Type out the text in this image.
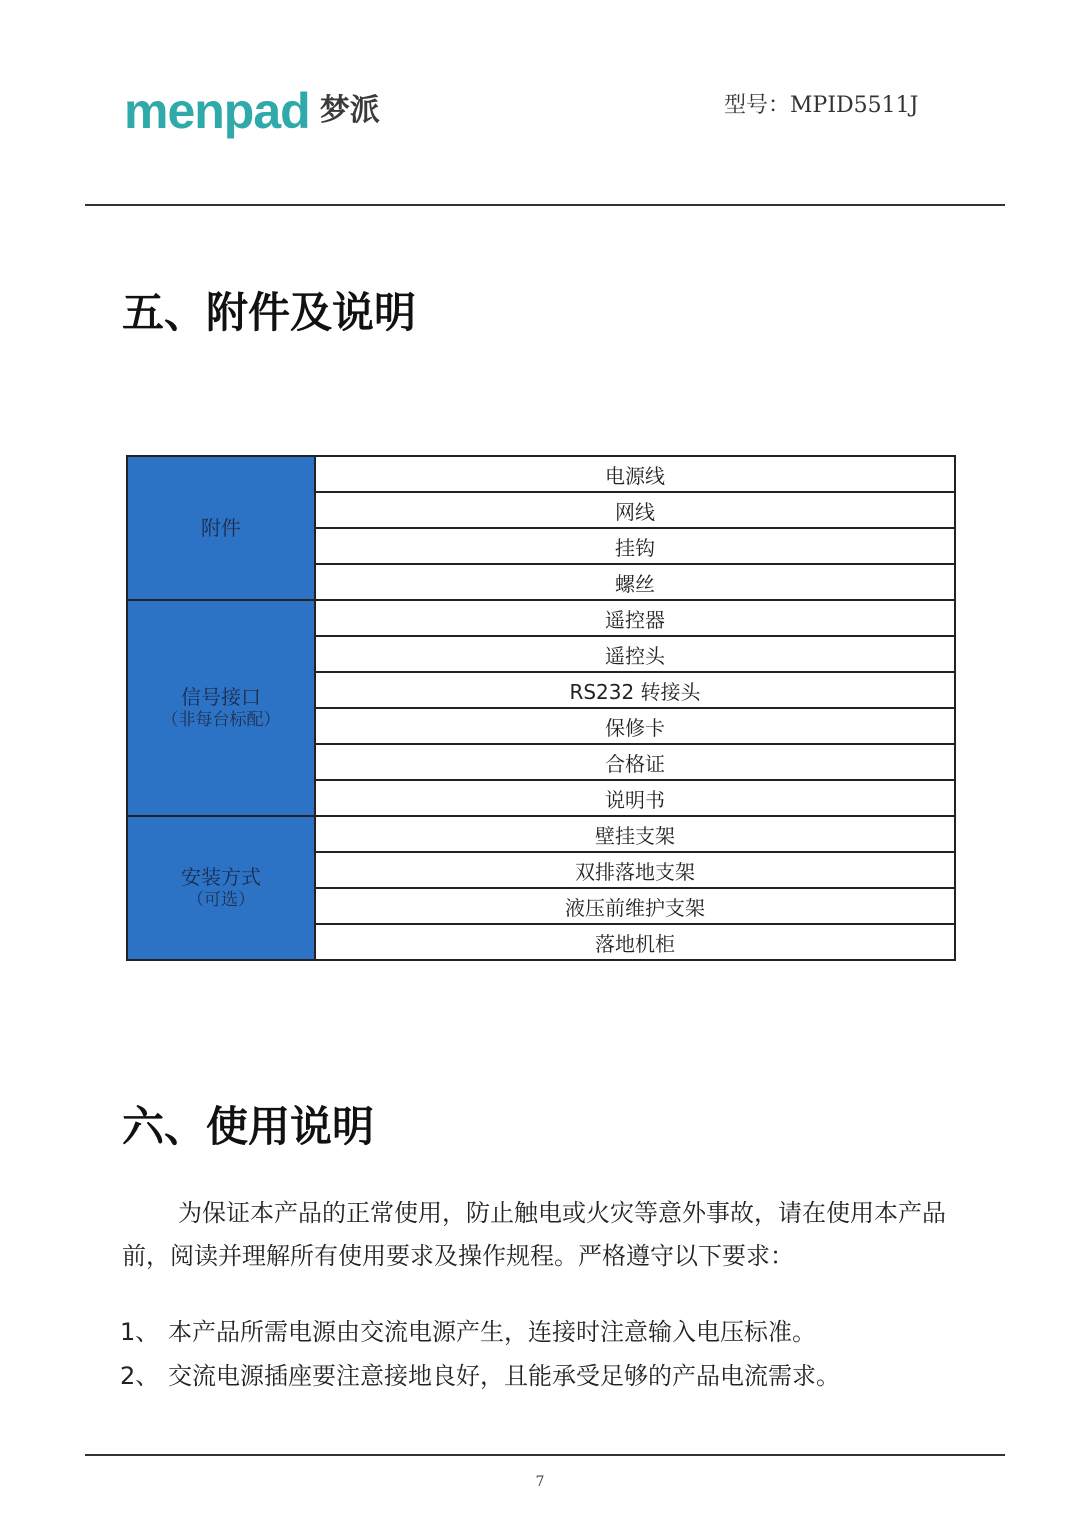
menpad 梦派	型号：MPID5511J
五、附件及说明
附件	电源线
	网线
	挂钩
	螺丝
信号接口
（非每台标配）	遥控器
	遥控头
	RS232 转接头
	保修卡
	合格证
	说明书
安装方式
（可选）	壁挂支架
	双排落地支架
	液压前维护支架
	落地机柜
六、使用说明
为保证本产品的正常使用，防止触电或火灾等意外事故，请在使用本产品前，阅读并理解所有使用要求及操作规程。严格遵守以下要求：
1、 本产品所需电源由交流电源产生，连接时注意输入电压标准。
2、 交流电源插座要注意接地良好，且能承受足够的产品电流需求。
7
